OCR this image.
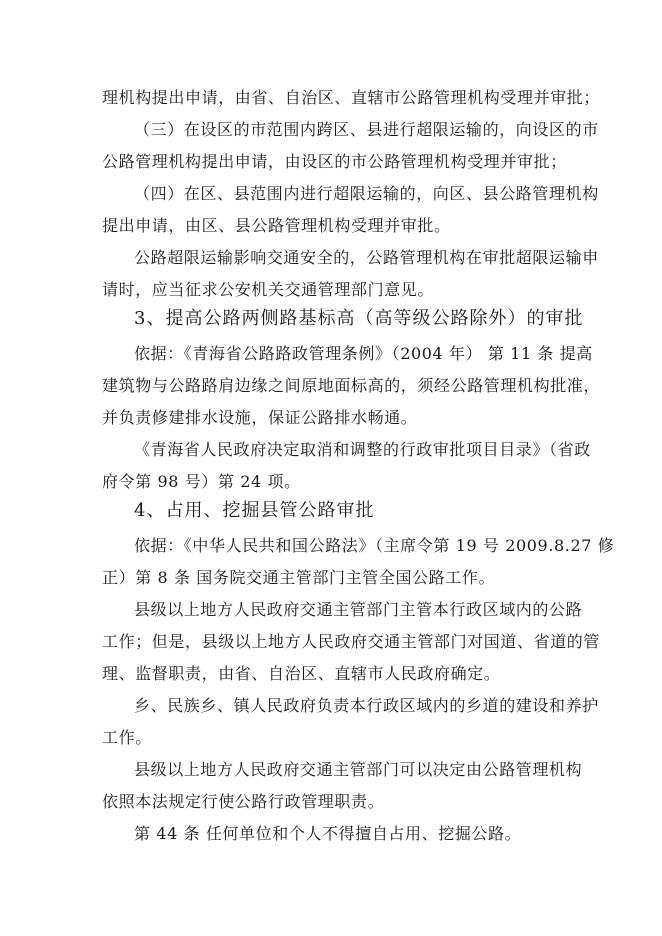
理机构提出申请，由省、自治区、直辖市公路管理机构受理并审批；
（三）在设区的市范围内跨区、县进行超限运输的，向设区的市
公路管理机构提出申请，由设区的市公路管理机构受理并审批；
（四）在区、县范围内进行超限运输的，向区、县公路管理机构
提出申请，由区、县公路管理机构受理并审批。
公路超限运输影响交通安全的，公路管理机构在审批超限运输申
请时，应当征求公安机关交通管理部门意见。
3、提高公路两侧路基标高（高等级公路除外）的审批
依据：《青海省公路路政管理条例》（2004 年） 第 11 条 提高
建筑物与公路路肩边缘之间原地面标高的，须经公路管理机构批准，
并负责修建排水设施，保证公路排水畅通。
《青海省人民政府决定取消和调整的行政审批项目目录》（省政
府令第 98 号）第 24 项。
4、占用、挖掘县管公路审批
依据：《中华人民共和国公路法》（主席令第 19 号 2009.8.27 修
正）第 8 条 国务院交通主管部门主管全国公路工作。
县级以上地方人民政府交通主管部门主管本行政区域内的公路
工作；但是，县级以上地方人民政府交通主管部门对国道、省道的管
理、监督职责，由省、自治区、直辖市人民政府确定。
乡、民族乡、镇人民政府负责本行政区域内的乡道的建设和养护
工作。
县级以上地方人民政府交通主管部门可以决定由公路管理机构
依照本法规定行使公路行政管理职责。
第 44 条 任何单位和个人不得擅自占用、挖掘公路。
